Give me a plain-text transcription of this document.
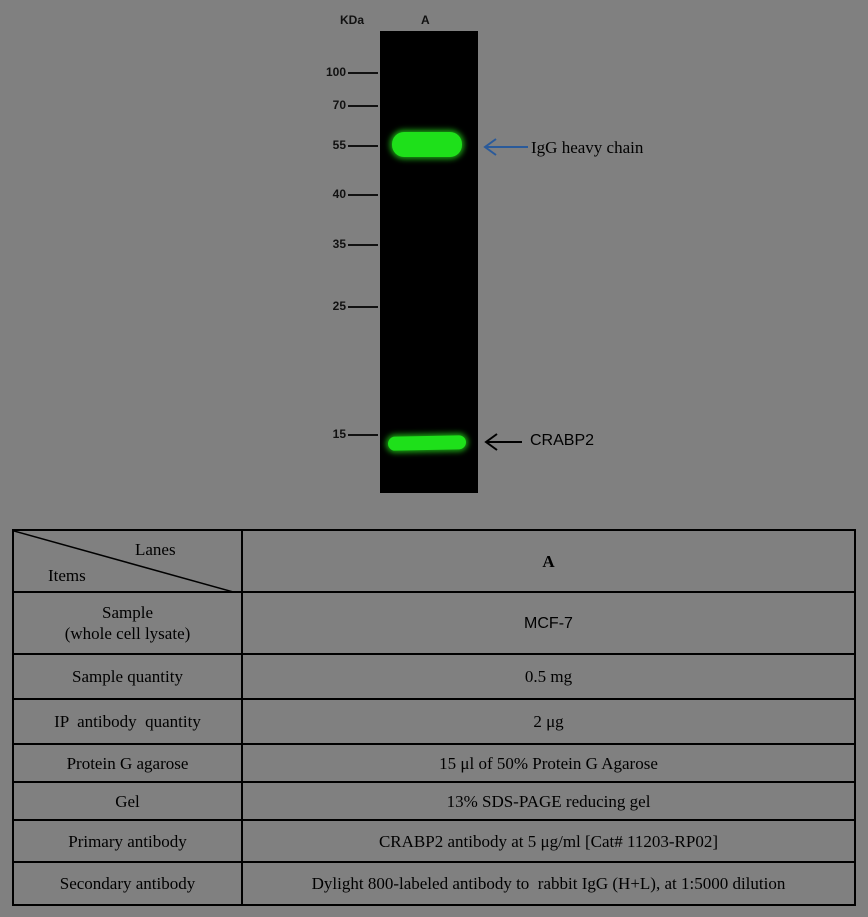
KDa	A
100
70
55
40
35
25
15
IgG heavy chain
CRABP2
Lanes
Items	A
Sample
(whole cell lysate)	MCF-7
Sample quantity	0.5 mg
IP  antibody  quantity	2 μg
Protein G agarose	15 μl of 50% Protein G Agarose
Gel	13% SDS-PAGE reducing gel
Primary antibody	CRABP2 antibody at 5 μg/ml [Cat# 11203-RP02]
Secondary antibody	Dylight 800-labeled antibody to  rabbit IgG (H+L), at 1:5000 dilution
